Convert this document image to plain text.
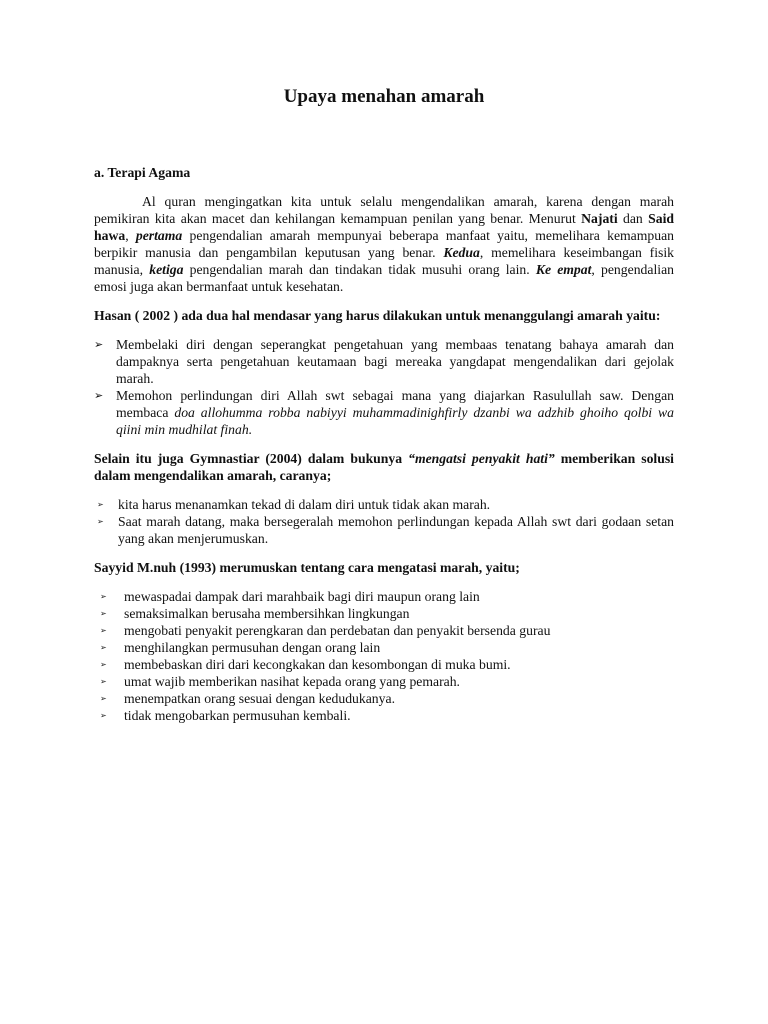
Upaya menahan amarah

a. Terapi Agama

Al quran mengingatkan kita untuk selalu mengendalikan amarah, karena dengan marah pemikiran kita akan macet dan kehilangan kemampuan penilan yang benar. Menurut Najati dan Said hawa, pertama pengendalian amarah mempunyai beberapa manfaat yaitu, memelihara kemampuan berpikir manusia dan pengambilan keputusan yang benar. Kedua, memelihara keseimbangan fisik manusia, ketiga pengendalian marah dan tindakan tidak musuhi orang lain. Ke empat, pengendalian emosi juga akan bermanfaat untuk kesehatan.

Hasan ( 2002 ) ada dua hal mendasar yang harus dilakukan untuk menanggulangi amarah yaitu:

➢ Membelaki diri dengan seperangkat pengetahuan yang membaas tenatang bahaya amarah dan dampaknya serta pengetahuan keutamaan bagi mereaka yangdapat mengendalikan dari gejolak marah.
➢ Memohon perlindungan diri Allah swt sebagai mana yang diajarkan Rasulullah saw. Dengan membaca doa allohumma robba nabiyyi muhammadinighfirly dzanbi wa adzhib ghoiho qolbi wa qiini min mudhilat finah.

Selain itu juga Gymnastiar (2004) dalam bukunya “mengatsi penyakit hati” memberikan solusi dalam mengendalikan amarah, caranya;

➢ kita harus menanamkan tekad di dalam diri untuk tidak akan marah.
➢ Saat marah datang, maka bersegeralah memohon perlindungan kepada Allah swt dari godaan setan yang akan menjerumuskan.

Sayyid M.nuh (1993) merumuskan tentang cara mengatasi marah, yaitu;

➢ mewaspadai dampak dari marahbaik bagi diri maupun orang lain
➢ semaksimalkan berusaha membersihkan lingkungan
➢ mengobati penyakit perengkaran dan perdebatan dan penyakit bersenda gurau
➢ menghilangkan permusuhan dengan orang lain
➢ membebaskan diri dari kecongkakan dan kesombongan di muka bumi.
➢ umat wajib memberikan nasihat kepada orang yang pemarah.
➢ menempatkan orang sesuai dengan kedudukanya.
➢ tidak mengobarkan permusuhan kembali.
